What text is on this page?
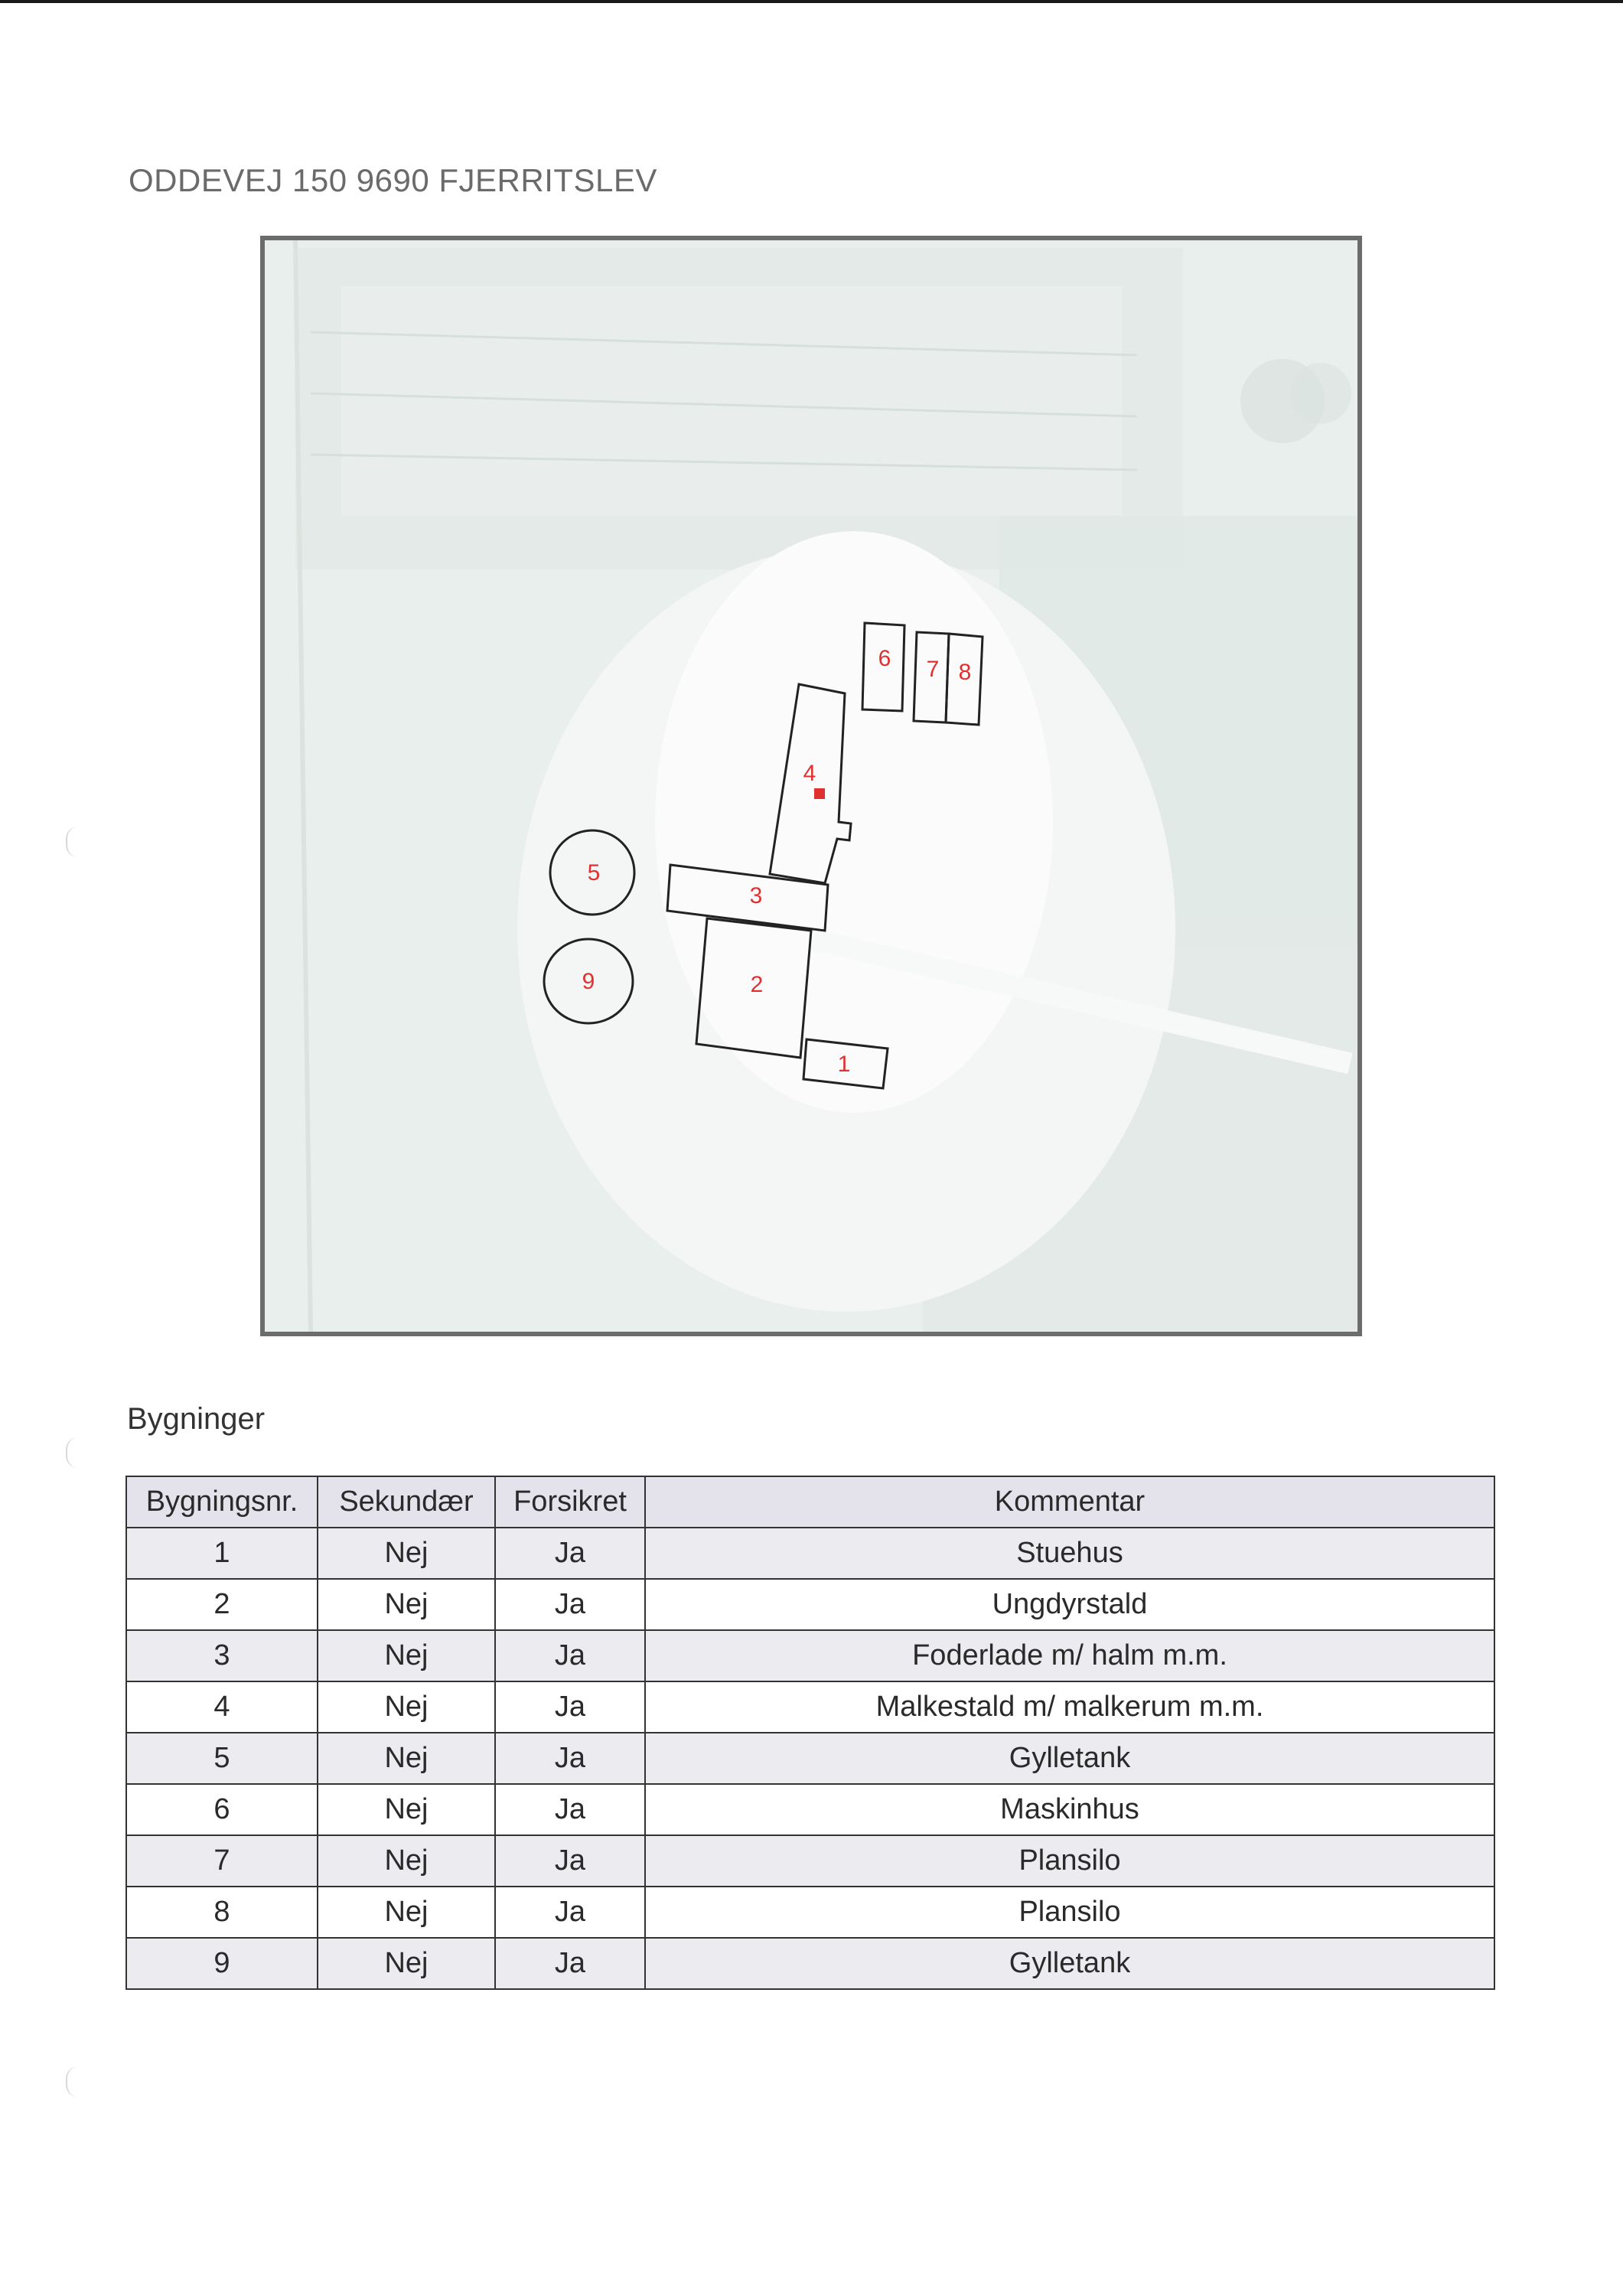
ODDEVEJ 150 9690 FJERRITSLEV
6 7 8
4
3
2
1
5
9
Bygninger
Bygningsnr.	Sekundær	Forsikret	Kommentar
1	Nej	Ja	Stuehus
2	Nej	Ja	Ungdyrstald
3	Nej	Ja	Foderlade m/ halm m.m.
4	Nej	Ja	Malkestald m/ malkerum m.m.
5	Nej	Ja	Gylletank
6	Nej	Ja	Maskinhus
7	Nej	Ja	Plansilo
8	Nej	Ja	Plansilo
9	Nej	Ja	Gylletank
